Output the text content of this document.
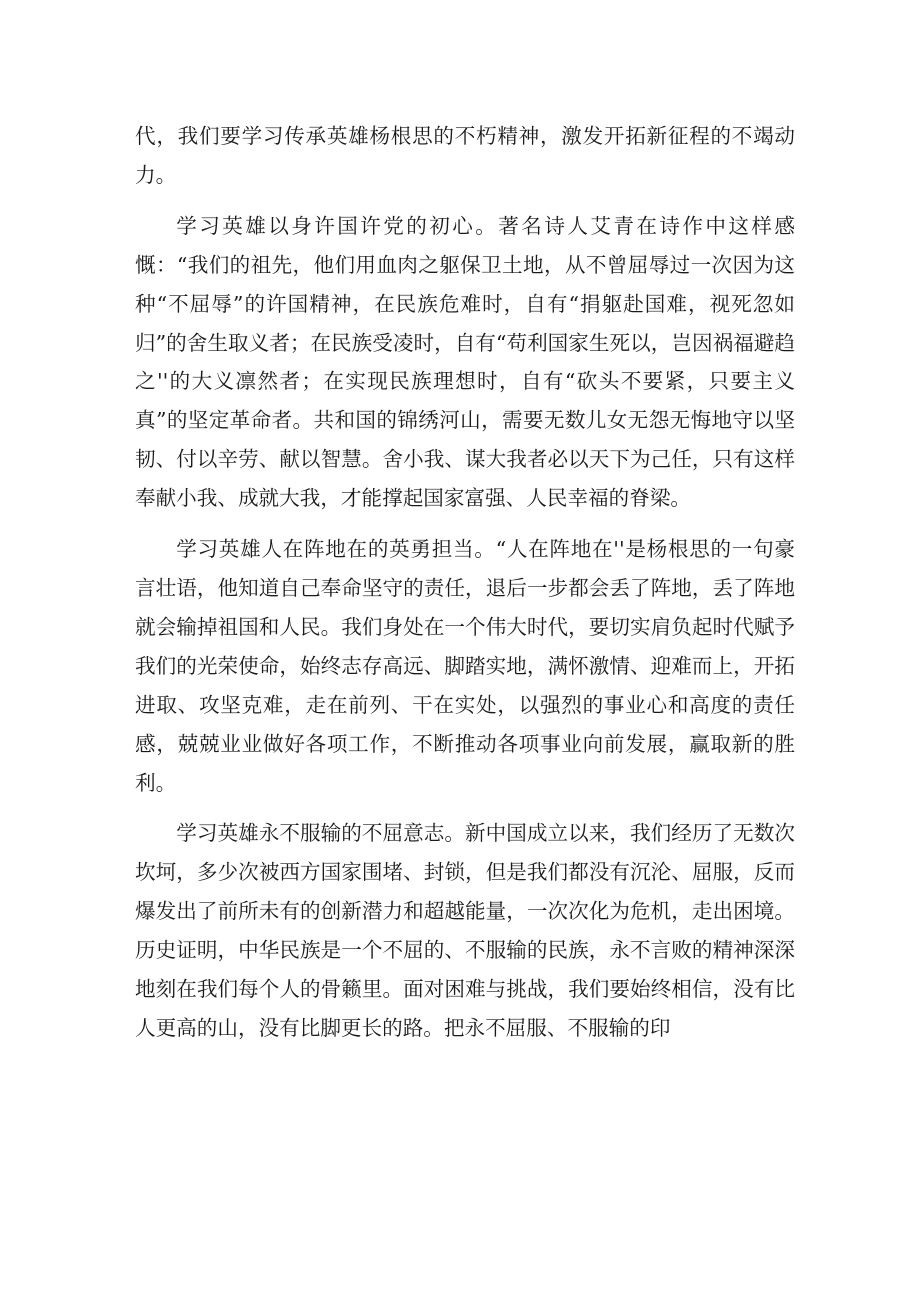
代，我们要学习传承英雄杨根思的不朽精神，激发开拓新征程的不竭动力。

学习英雄以身许国许党的初心。著名诗人艾青在诗作中这样感慨：“我们的祖先，他们用血肉之躯保卫土地，从不曾屈辱过一次因为这种“不屈辱”的许国精神，在民族危难时，自有“捐躯赴国难，视死忽如归”的舍生取义者；在民族受凌时，自有“苟利国家生死以，岂因祸福避趋之''的大义凛然者；在实现民族理想时，自有“砍头不要紧，只要主义真”的坚定革命者。共和国的锦绣河山，需要无数儿女无怨无悔地守以坚韧、付以辛劳、献以智慧。舍小我、谋大我者必以天下为己任，只有这样奉献小我、成就大我，才能撑起国家富强、人民幸福的脊梁。

学习英雄人在阵地在的英勇担当。“人在阵地在''是杨根思的一句豪言壮语，他知道自己奉命坚守的责任，退后一步都会丢了阵地，丢了阵地就会输掉祖国和人民。我们身处在一个伟大时代，要切实肩负起时代赋予我们的光荣使命，始终志存高远、脚踏实地，满怀激情、迎难而上，开拓进取、攻坚克难，走在前列、干在实处，以强烈的事业心和高度的责任感，兢兢业业做好各项工作，不断推动各项事业向前发展，赢取新的胜利。

学习英雄永不服输的不屈意志。新中国成立以来，我们经历了无数次坎坷，多少次被西方国家围堵、封锁，但是我们都没有沉沦、屈服，反而爆发出了前所未有的创新潜力和超越能量，一次次化为危机，走出困境。历史证明，中华民族是一个不屈的、不服输的民族，永不言败的精神深深地刻在我们每个人的骨籁里。面对困难与挑战，我们要始终相信，没有比人更高的山，没有比脚更长的路。把永不屈服、不服输的印
